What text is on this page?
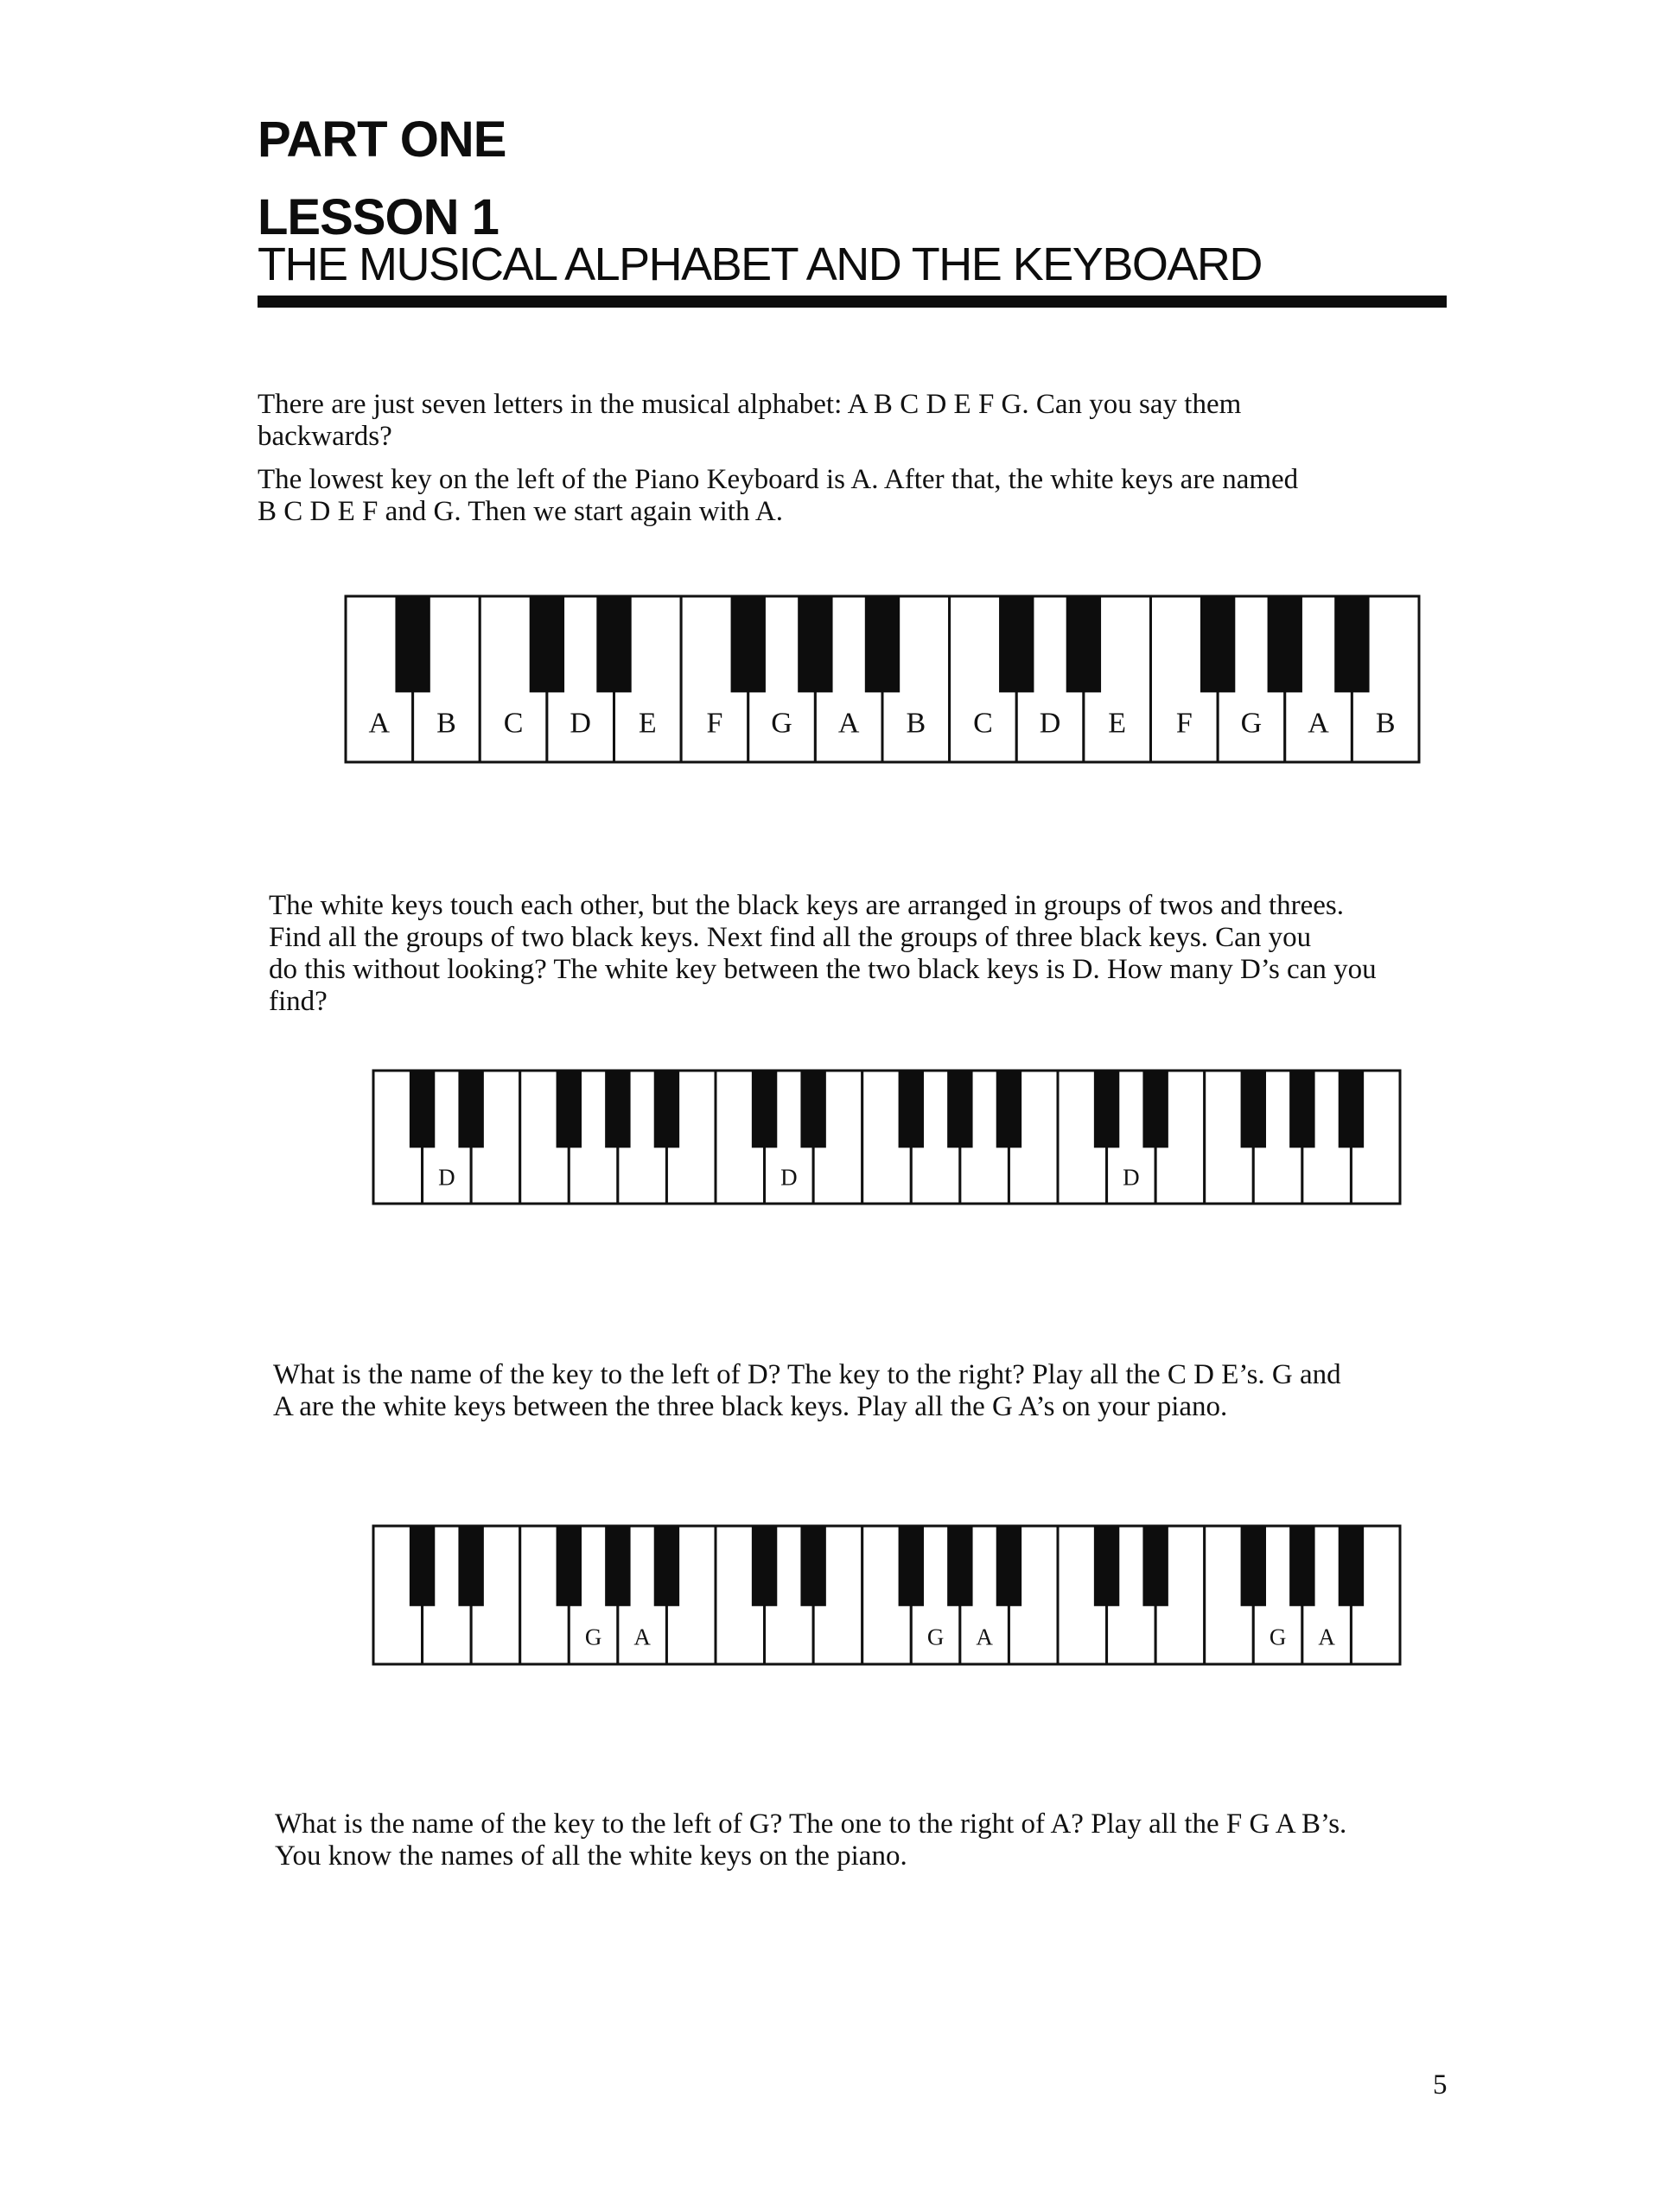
PART ONE
LESSON 1
THE MUSICAL ALPHABET AND THE KEYBOARD

There are just seven letters in the musical alphabet: A B C D E F G. Can you say them
backwards?

The lowest key on the left of the Piano Keyboard is A. After that, the white keys are named
B C D E F and G. Then we start again with A.

A B C D E F G A B C D E F G A B

The white keys touch each other, but the black keys are arranged in groups of twos and threes.
Find all the groups of two black keys. Next find all the groups of three black keys. Can you
do this without looking? The white key between the two black keys is D. How many D’s can you
find?

D	D	D

What is the name of the key to the left of D? The key to the right? Play all the C D E’s. G and
A are the white keys between the three black keys. Play all the G A’s on your piano.

G A	G A	G A

What is the name of the key to the left of G? The one to the right of A? Play all the F G A B’s.
You know the names of all the white keys on the piano.

5
